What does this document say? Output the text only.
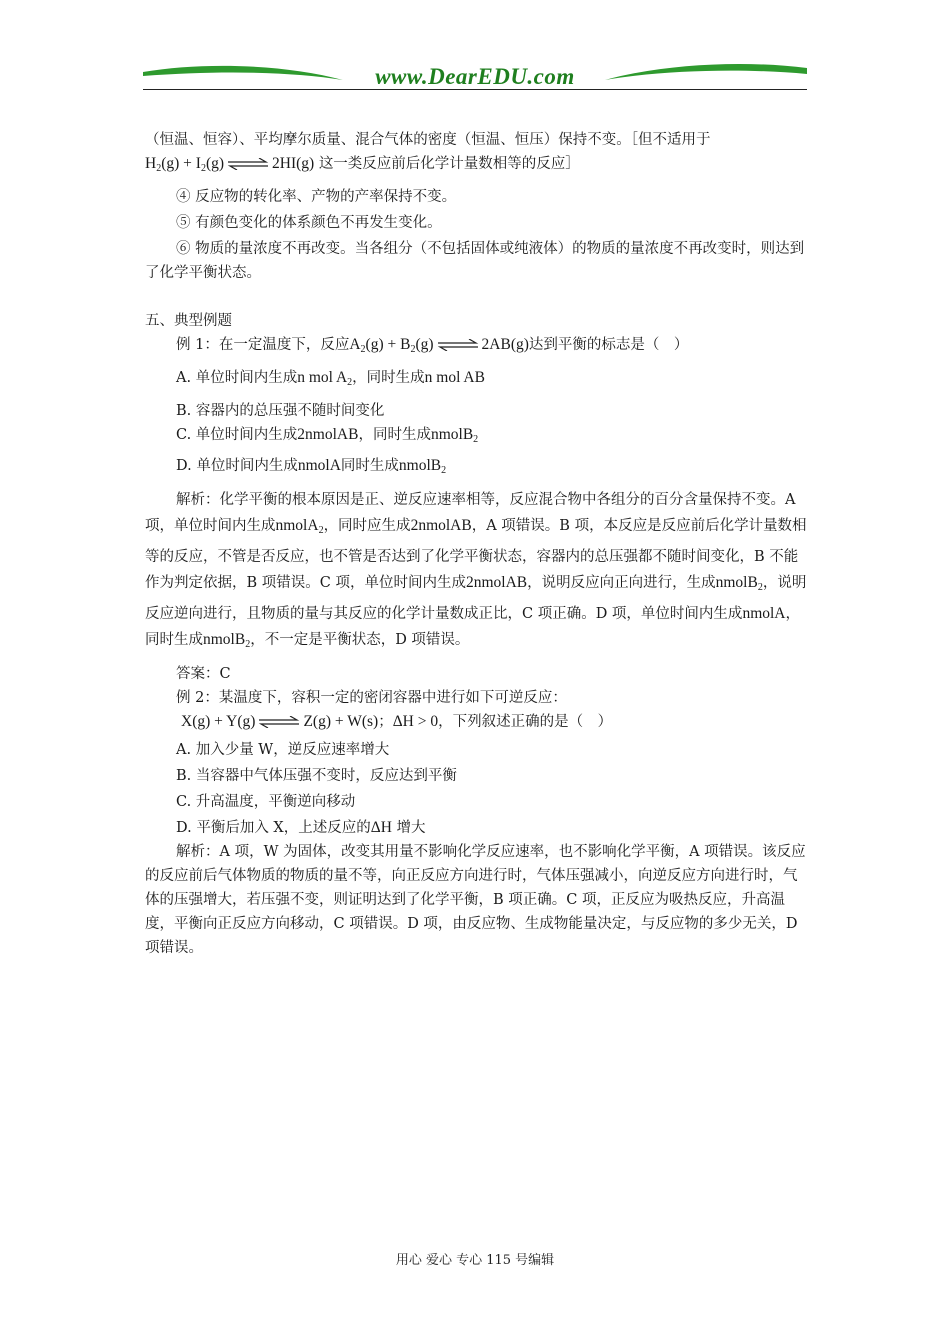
www.DearEDU.com

（恒温、恒容）、平均摩尔质量、混合气体的密度（恒温、恒压）保持不变。［但不适用于
$H_2(g) + I_2(g)$ ⇌ 2HI(g) 这一类反应前后化学计量数相等的反应］

④ 反应物的转化率、产物的产率保持不变。

⑤ 有颜色变化的体系颜色不再发生变化。

⑥ 物质的量浓度不再改变。当各组分（不包括固体或纯液体）的物质的量浓度不再改变时，则达到了化学平衡状态。

五、典型例题

例 1：在一定温度下，反应$A_2(g) + B_2(g)$ ⇌ 2AB(g)达到平衡的标志是（　）

A. 单位时间内生成n mol $A_2$，同时生成n mol AB

B. 容器内的总压强不随时间变化

C. 单位时间内生成2nmolAB，同时生成nmolB$_2$

D. 单位时间内生成nmolA同时生成nmolB$_2$

解析：化学平衡的根本原因是正、逆反应速率相等，反应混合物中各组分的百分含量保持不变。A 项，单位时间内生成nmolA$_2$，同时应生成2nmolAB，A 项错误。B 项，本反应是反应前后化学计量数相等的反应，不管是否反应，也不管是否达到了化学平衡状态，容器内的总压强都不随时间变化，B 不能作为判定依据，B 项错误。C 项，单位时间内生成2nmolAB，说明反应向正向进行，生成nmolB$_2$，说明反应逆向进行，且物质的量与其反应的化学计量数成正比，C 项正确。D 项，单位时间内生成nmolA，同时生成nmolB$_2$，不一定是平衡状态，D 项错误。

答案：C

例 2：某温度下，容积一定的密闭容器中进行如下可逆反应：

X(g) + Y(g) ⇌ Z(g) + W(s)；ΔH > 0，下列叙述正确的是（　）

A. 加入少量 W，逆反应速率增大

B. 当容器中气体压强不变时，反应达到平衡

C. 升高温度，平衡逆向移动

D. 平衡后加入 X，上述反应的ΔH 增大

解析：A 项，W 为固体，改变其用量不影响化学反应速率，也不影响化学平衡，A 项错误。该反应的反应前后气体物质的物质的量不等，向正反应方向进行时，气体压强减小，向逆反应方向进行时，气体的压强增大，若压强不变，则证明达到了化学平衡，B 项正确。C 项，正反应为吸热反应，升高温度，平衡向正反应方向移动，C 项错误。D 项，由反应物、生成物能量决定，与反应物的多少无关，D 项错误。

用心 爱心 专心 115 号编辑
